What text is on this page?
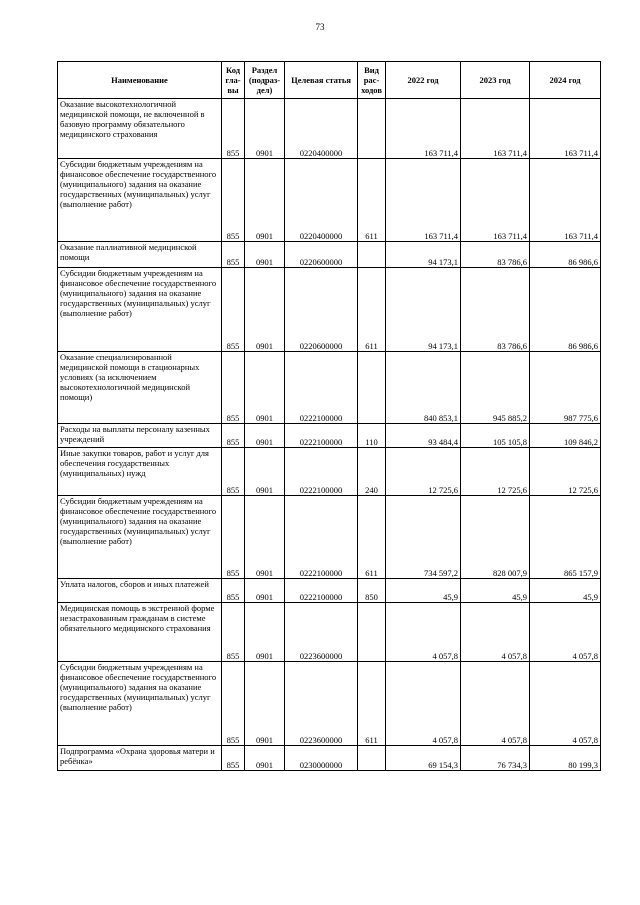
73
Наименование	Код гла- вы	Раздел (подраз- дел)	Целевая статья	Вид рас- ходов	2022 год	2023 год	2024 год
Оказание высокотехнологичной медицинской помощи, не включенной в базовую программу обязательного медицинского страхования	855	0901	0220400000		163 711,4	163 711,4	163 711,4
Субсидии бюджетным учреждениям на финансовое обеспечение государственного (муниципального) задания на оказание государственных (муниципальных) услуг (выполнение работ)	855	0901	0220400000	611	163 711,4	163 711,4	163 711,4
Оказание паллиативной медицинской помощи	855	0901	0220600000		94 173,1	83 786,6	86 986,6
Субсидии бюджетным учреждениям на финансовое обеспечение государственного (муниципального) задания на оказание государственных (муниципальных) услуг (выполнение работ)	855	0901	0220600000	611	94 173,1	83 786,6	86 986,6
Оказание специализированной медицинской помощи в стационарных условиях (за исключением высокотехнологичной медицинской помощи)	855	0901	0222100000		840 853,1	945 885,2	987 775,6
Расходы на выплаты персоналу казенных учреждений	855	0901	0222100000	110	93 484,4	105 105,8	109 846,2
Иные закупки товаров, работ и услуг для обеспечения государственных (муниципальных) нужд	855	0901	0222100000	240	12 725,6	12 725,6	12 725,6
Субсидии бюджетным учреждениям на финансовое обеспечение государственного (муниципального) задания на оказание государственных (муниципальных) услуг (выполнение работ)	855	0901	0222100000	611	734 597,2	828 007,9	865 157,9
Уплата налогов, сборов и иных платежей	855	0901	0222100000	850	45,9	45,9	45,9
Медицинская помощь в экстренной форме незастрахованным гражданам в системе обязательного медицинского страхования	855	0901	0223600000		4 057,8	4 057,8	4 057,8
Субсидии бюджетным учреждениям на финансовое обеспечение государственного (муниципального) задания на оказание государственных (муниципальных) услуг (выполнение работ)	855	0901	0223600000	611	4 057,8	4 057,8	4 057,8
Подпрограмма «Охрана здоровья матери и ребёнка»	855	0901	0230000000		69 154,3	76 734,3	80 199,3
